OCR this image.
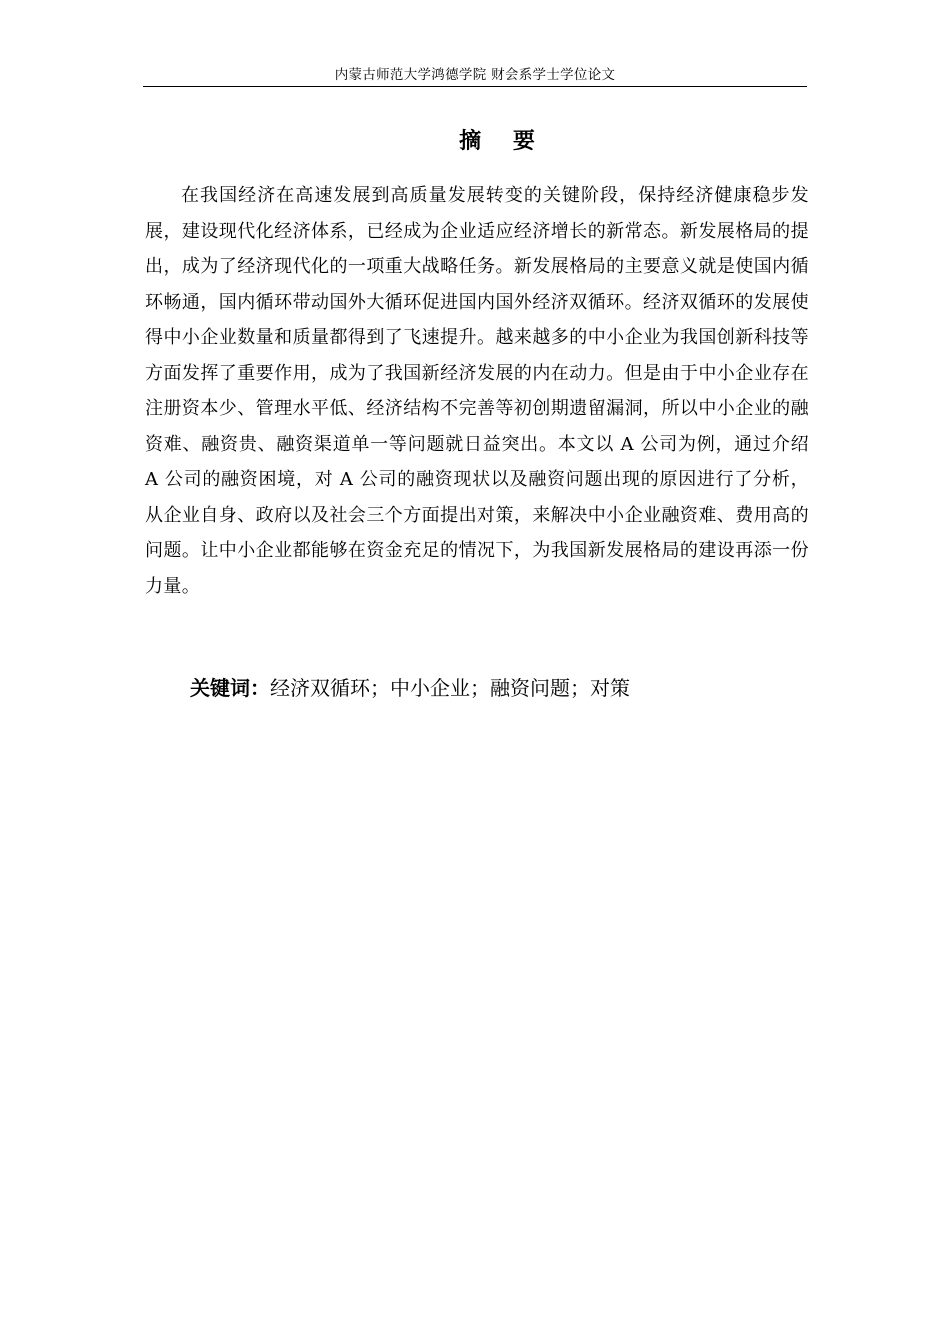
内蒙古师范大学鸿德学院 财会系学士学位论文
摘 要

在我国经济在高速发展到高质量发展转变的关键阶段，保持经济健康稳步发展，建设现代化经济体系，已经成为企业适应经济增长的新常态。新发展格局的提出，成为了经济现代化的一项重大战略任务。新发展格局的主要意义就是使国内循环畅通，国内循环带动国外大循环促进国内国外经济双循环。经济双循环的发展使得中小企业数量和质量都得到了飞速提升。越来越多的中小企业为我国创新科技等方面发挥了重要作用，成为了我国新经济发展的内在动力。但是由于中小企业存在注册资本少、管理水平低、经济结构不完善等初创期遗留漏洞，所以中小企业的融资难、融资贵、融资渠道单一等问题就日益突出。本文以 A 公司为例，通过介绍 A 公司的融资困境，对 A 公司的融资现状以及融资问题出现的原因进行了分析，从企业自身、政府以及社会三个方面提出对策，来解决中小企业融资难、费用高的问题。让中小企业都能够在资金充足的情况下，为我国新发展格局的建设再添一份力量。

关键词：经济双循环；中小企业；融资问题；对策
